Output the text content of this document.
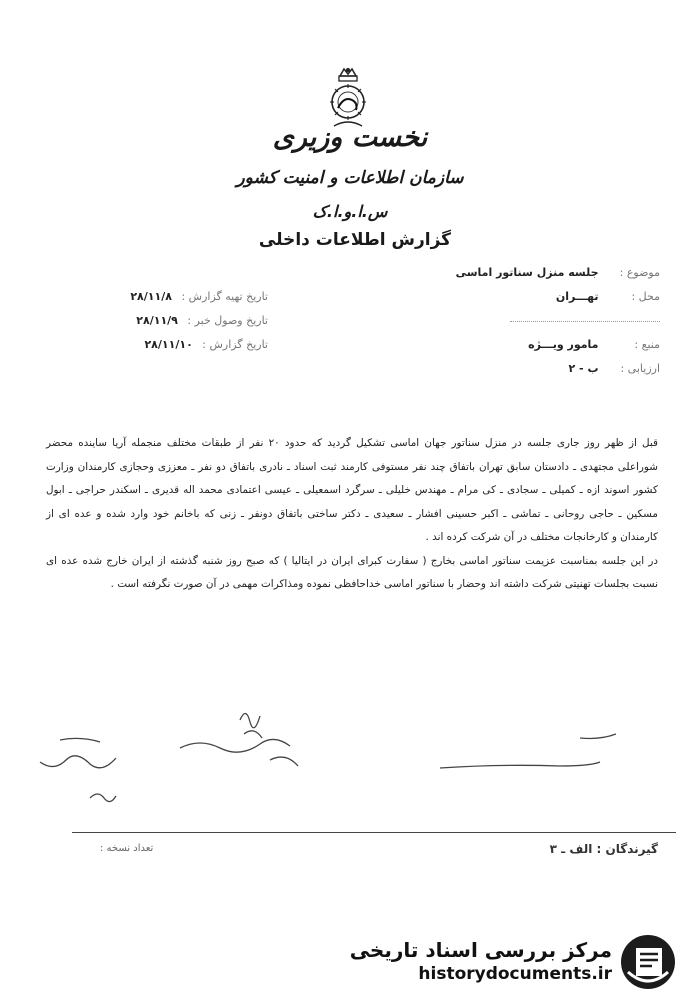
نخست وزیری
سازمان اطلاعات و امنیت کشور
س.ا.و.ا.ک
گزارش اطلاعات داخلی
موضوع : جلسه منزل سناتور اماسی
محل : تهـــران
منبع : مامور ویـــژه
ارزیابی : ب - ۲
تاریخ تهیه گزارش : ۲۸/۱۱/۸
تاریخ وصول خبر : ۲۸/۱۱/۹
تاریخ گزارش : ۲۸/۱۱/۱۰

قبل از ظهر روز جاری جلسه در منزل سناتور جهان اماسی تشکیل گردید که حدود ۲۰ نفر از طبقات مختلف منجمله آریا ساینده محضر شوراعلی مجتهدی ـ دادستان سابق تهران باتفاق چند نفر مستوفی کارمند ثبت اسناد ـ نادری باتفاق دو نفر ـ معززی وحجازی کارمندان وزارت کشور اسوند ازه ـ کمیلی ـ سجادی ـ کی مرام ـ مهندس خلیلی ـ سرگرد اسمعیلی ـ عیسی اعتمادی محمد اله قدیری ـ اسکندر حراجی ـ ابول مسکین ـ حاجی روحانی ـ تماشی ـ اکبر حسینی افشار ـ سعیدی ـ دکتر ساختی باتفاق دونفر ـ زنی که باخانم خود وارد شده و عده ای از کارمندان و کارخانجات مختلف در آن شرکت کرده اند .

در این جلسه بمناسبت عزیمت سناتور اماسی بخارج ( سفارت کبرای ایران در ایتالیا ) که صبح روز شنبه گذشته از ایران خارج شده عده ای نسبت بجلسات تهنیتی شرکت داشته اند وحضار با سناتور اماسی خداحافظی نموده ومذاکرات مهمی در آن صورت نگرفته است .

گیرندگان : الف ـ ۳
تعداد نسخه :
مرکز بررسی اسناد تاریخی
historydocuments.ir
